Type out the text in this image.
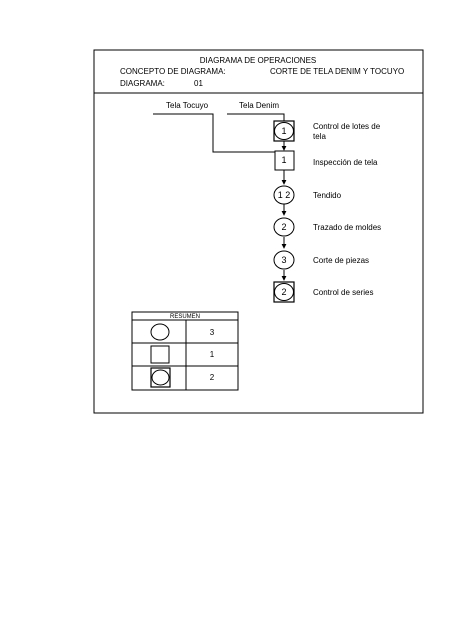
DIAGRAMA DE OPERACIONES
CONCEPTO DE DIAGRAMA:	CORTE DE TELA DENIM Y TOCUYO
DIAGRAMA:	01
Tela Tocuyo	Tela Denim
1	Control de lotes de
tela
1	Inspección de tela
1 2	Tendido
2	Trazado de moldes
3	Corte de piezas
2	Control de series
RESUMEN
3
1
2
